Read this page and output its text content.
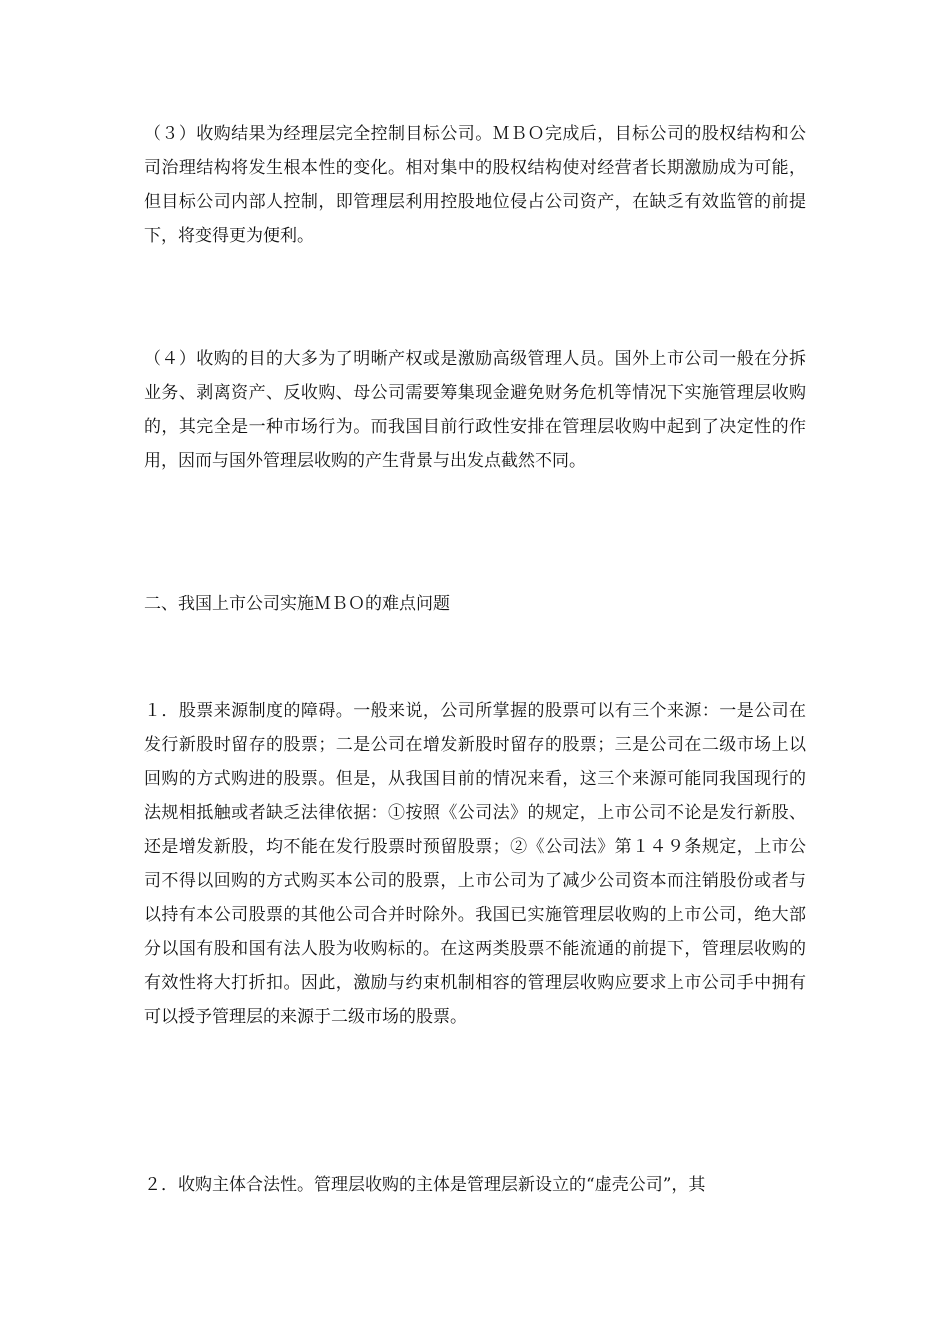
（３）收购结果为经理层完全控制目标公司。ＭＢＯ完成后，目标公司的股权结构和公司治理结构将发生根本性的变化。相对集中的股权结构使对经营者长期激励成为可能，但目标公司内部人控制，即管理层利用控股地位侵占公司资产，在缺乏有效监管的前提下，将变得更为便利。

（４）收购的目的大多为了明晰产权或是激励高级管理人员。国外上市公司一般在分拆业务、剥离资产、反收购、母公司需要筹集现金避免财务危机等情况下实施管理层收购的，其完全是一种市场行为。而我国目前行政性安排在管理层收购中起到了决定性的作用，因而与国外管理层收购的产生背景与出发点截然不同。

二、我国上市公司实施ＭＢＯ的难点问题

１．股票来源制度的障碍。一般来说，公司所掌握的股票可以有三个来源：一是公司在发行新股时留存的股票；二是公司在增发新股时留存的股票；三是公司在二级市场上以回购的方式购进的股票。但是，从我国目前的情况来看，这三个来源可能同我国现行的法规相抵触或者缺乏法律依据：①按照《公司法》的规定，上市公司不论是发行新股、还是增发新股，均不能在发行股票时预留股票；②《公司法》第１４９条规定，上市公司不得以回购的方式购买本公司的股票，上市公司为了减少公司资本而注销股份或者与以持有本公司股票的其他公司合并时除外。我国已实施管理层收购的上市公司，绝大部分以国有股和国有法人股为收购标的。在这两类股票不能流通的前提下，管理层收购的有效性将大打折扣。因此，激励与约束机制相容的管理层收购应要求上市公司手中拥有可以授予管理层的来源于二级市场的股票。

２．收购主体合法性。管理层收购的主体是管理层新设立的“虚壳公司”，其
